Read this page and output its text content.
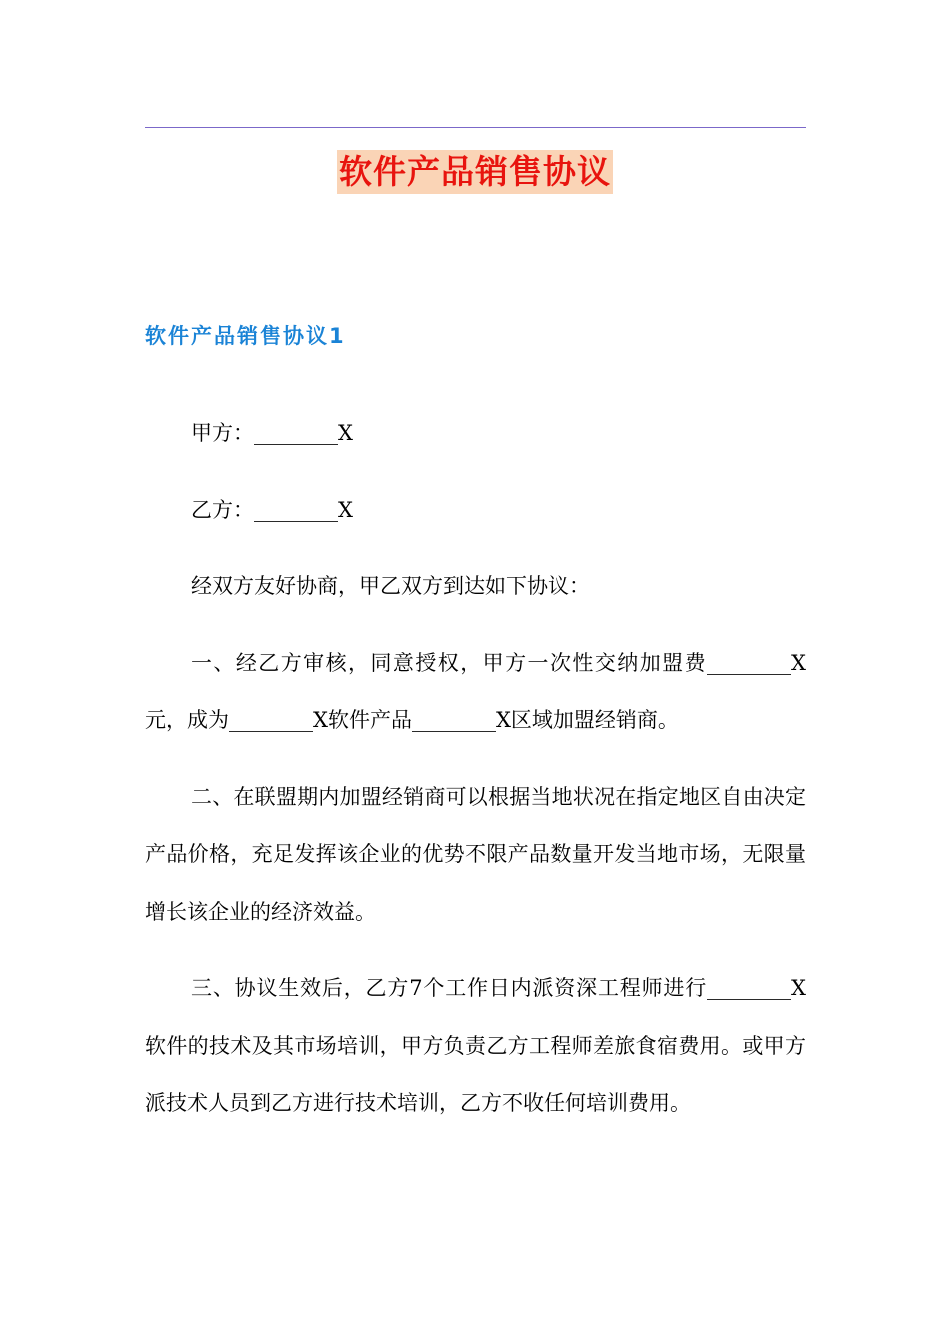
软件产品销售协议
软件产品销售协议1

甲方：________X

乙方：________X

经双方友好协商，甲乙双方到达如下协议：

一、经乙方审核，同意授权，甲方一次性交纳加盟费________X元，成为________X软件产品________X区域加盟经销商。

二、在联盟期内加盟经销商可以根据当地状况在指定地区自由决定产品价格，充足发挥该企业的优势不限产品数量开发当地市场，无限量增长该企业的经济效益。

三、协议生效后，乙方7个工作日内派资深工程师进行________X软件的技术及其市场培训，甲方负责乙方工程师差旅食宿费用。或甲方派技术人员到乙方进行技术培训，乙方不收任何培训费用。
